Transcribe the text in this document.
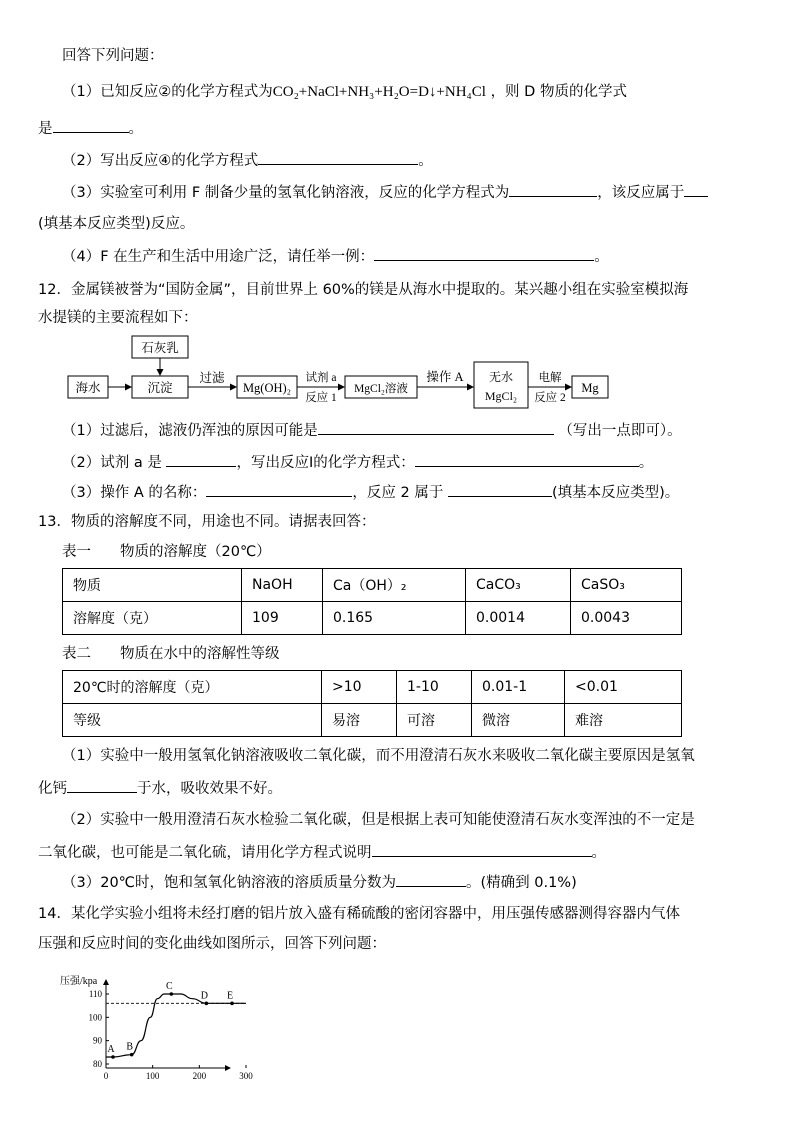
回答下列问题：
（1）已知反应②的化学方程式为CO₂+NaCl+NH₃+H₂O=D↓+NH₄Cl ，则 D 物质的化学式
是	。
（2）写出反应④的化学方程式	。
（3）实验室可利用 F 制备少量的氢氧化钠溶液，反应的化学方程式为	，该反应属于
(填基本反应类型)反应。
（4）F 在生产和生活中用途广泛，请任举一例：	。
12．金属镁被誉为“国防金属”，目前世界上 60%的镁是从海水中提取的。某兴趣小组在实验室模拟海
水提镁的主要流程如下：
海水
石灰乳
沉淀
过滤
Mg(OH)₂
试剂 a
反应 1
MgCl₂溶液
操作 A 无水
MgCl₂
电解
反应 2
Mg
（1）过滤后，滤液仍浑浊的原因可能是	（写出一点即可）。
（2）试剂 a 是	，写出反应Ⅰ的化学方程式：	。
（3）操作 A 的名称：	，反应 2 属于	(填基本反应类型)。
13．物质的溶解度不同，用途也不同。请据表回答：
表一　　物质的溶解度（20℃）
物质	NaOH	Ca（OH）₂	CaCO₃	CaSO₃
溶解度（克）	109	0.165	0.0014	0.0043
表二　　物质在水中的溶解性等级
20℃时的溶解度（克）	>10	1-10	0.01-1	<0.01
等级	易溶	可溶	微溶	难溶
（1）实验中一般用氢氧化钠溶液吸收二氧化碳，而不用澄清石灰水来吸收二氧化碳主要原因是氢氧
化钙	于水，吸收效果不好。
（2）实验中一般用澄清石灰水检验二氧化碳，但是根据上表可知能使澄清石灰水变浑浊的不一定是
二氧化碳，也可能是二氧化硫，请用化学方程式说明	。
（3）20℃时，饱和氢氧化钠溶液的溶质质量分数为	。(精确到 0.1%)
14．某化学实验小组将未经打磨的铝片放入盛有稀硫酸的密闭容器中，用压强传感器测得容器内气体
压强和反应时间的变化曲线如图所示，回答下列问题：
压强/kpa
0	100	200	300
80
90
100
110
A B
C
D E
